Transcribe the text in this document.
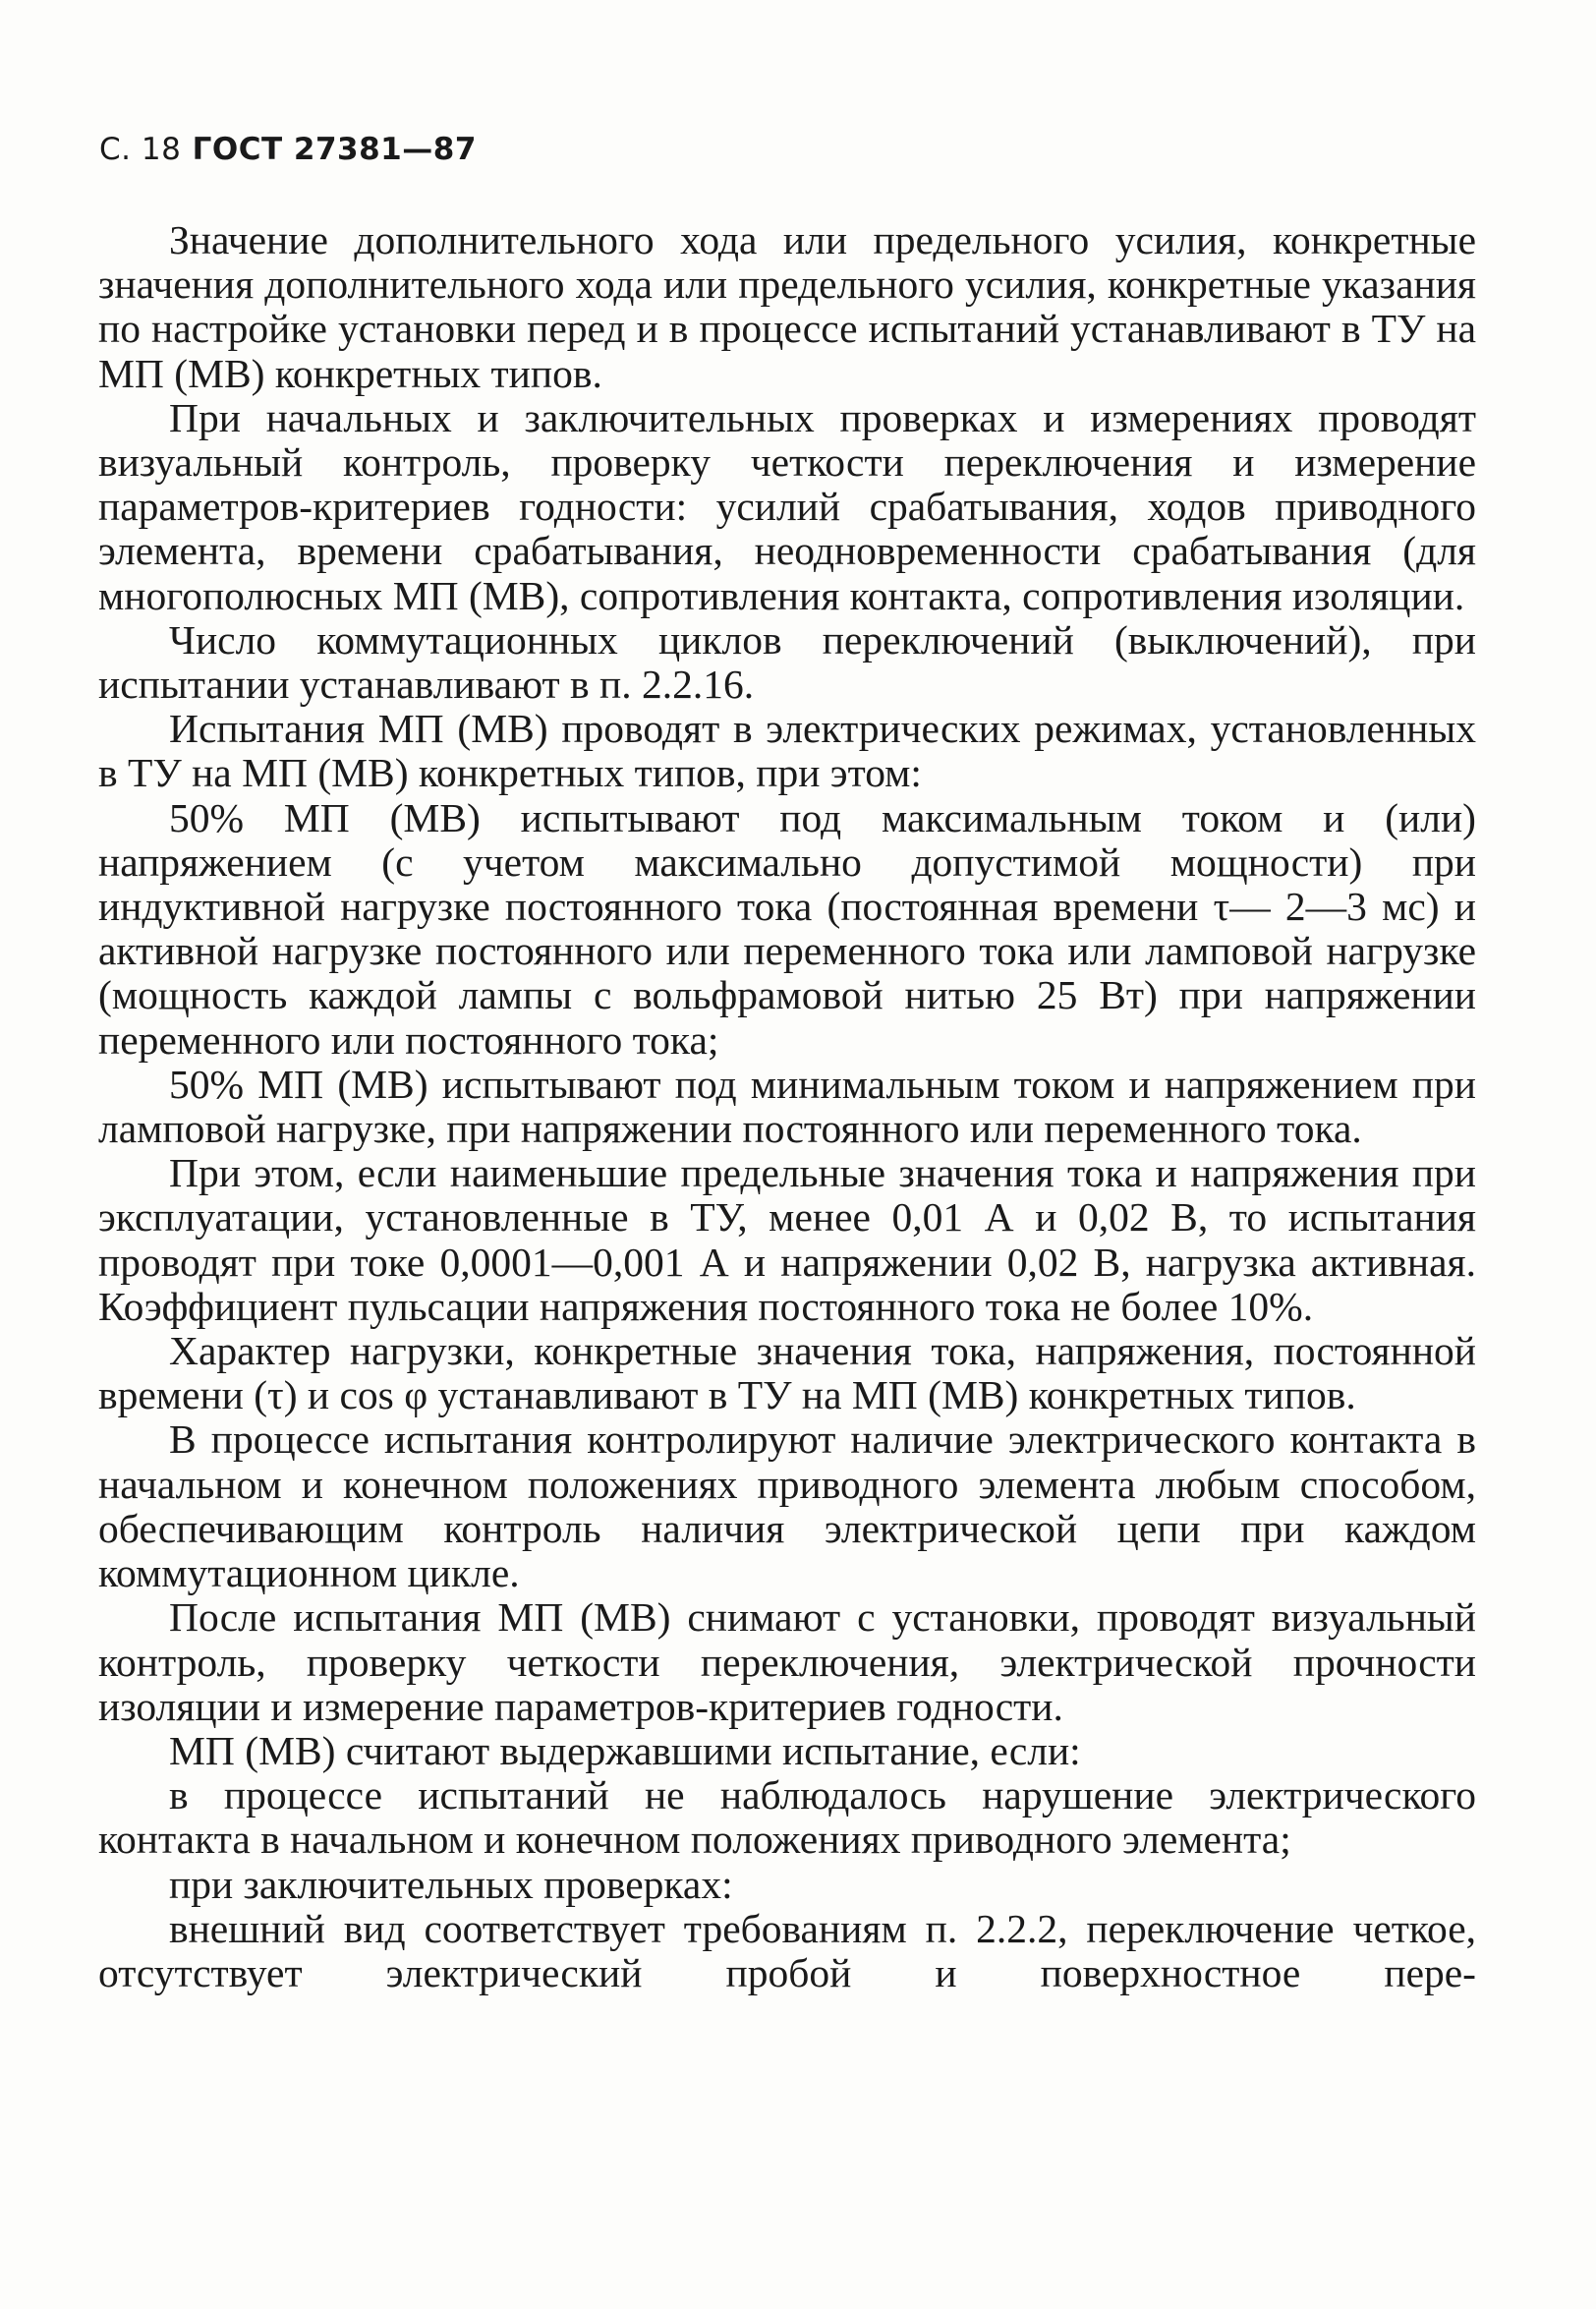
С. 18 ГОСТ 27381—87

Значение дополнительного хода или предельного усилия, конкретные значения дополнительного хода или предельного усилия, конкретные указания по настройке установки перед и в процессе испытаний устанавливают в ТУ на МП (МВ) конкретных типов.

При начальных и заключительных проверках и измерениях проводят визуальный контроль, проверку четкости переключения и измерение параметров-критериев годности: усилий срабатывания, ходов приводного элемента, времени срабатывания, неодновременности срабатывания (для многополюсных МП (МВ), сопротивления контакта, сопротивления изоляции.

Число коммутационных циклов переключений (выключений), при испытании устанавливают в п. 2.2.16.

Испытания МП (МВ) проводят в электрических режимах, установленных в ТУ на МП (МВ) конкретных типов, при этом:

50% МП (МВ) испытывают под максимальным током и (или) напряжением (с учетом максимально допустимой мощности) при индуктивной нагрузке постоянного тока (постоянная времени τ— 2—3 мс) и активной нагрузке постоянного или переменного тока или ламповой нагрузке (мощность каждой лампы с вольфрамовой нитью 25 Вт) при напряжении переменного или постоянного тока;

50% МП (МВ) испытывают под минимальным током и напряжением при ламповой нагрузке, при напряжении постоянного или переменного тока.

При этом, если наименьшие предельные значения тока и напряжения при эксплуатации, установленные в ТУ, менее 0,01 А и 0,02 В, то испытания проводят при токе 0,0001—0,001 А и напряжении 0,02 В, нагрузка активная. Коэффициент пульсации напряжения постоянного тока не более 10%.

Характер нагрузки, конкретные значения тока, напряжения, постоянной времени (τ) и cos φ устанавливают в ТУ на МП (МВ) конкретных типов.

В процессе испытания контролируют наличие электрического контакта в начальном и конечном положениях приводного элемента любым способом, обеспечивающим контроль наличия электрической цепи при каждом коммутационном цикле.

После испытания МП (МВ) снимают с установки, проводят визуальный контроль, проверку четкости переключения, электрической прочности изоляции и измерение параметров-критериев годности.

МП (МВ) считают выдержавшими испытание, если:

в процессе испытаний не наблюдалось нарушение электрического контакта в начальном и конечном положениях приводного элемента;

при заключительных проверках:

внешний вид соответствует требованиям п. 2.2.2, переключение четкое, отсутствует электрический пробой и поверхностное пере-
